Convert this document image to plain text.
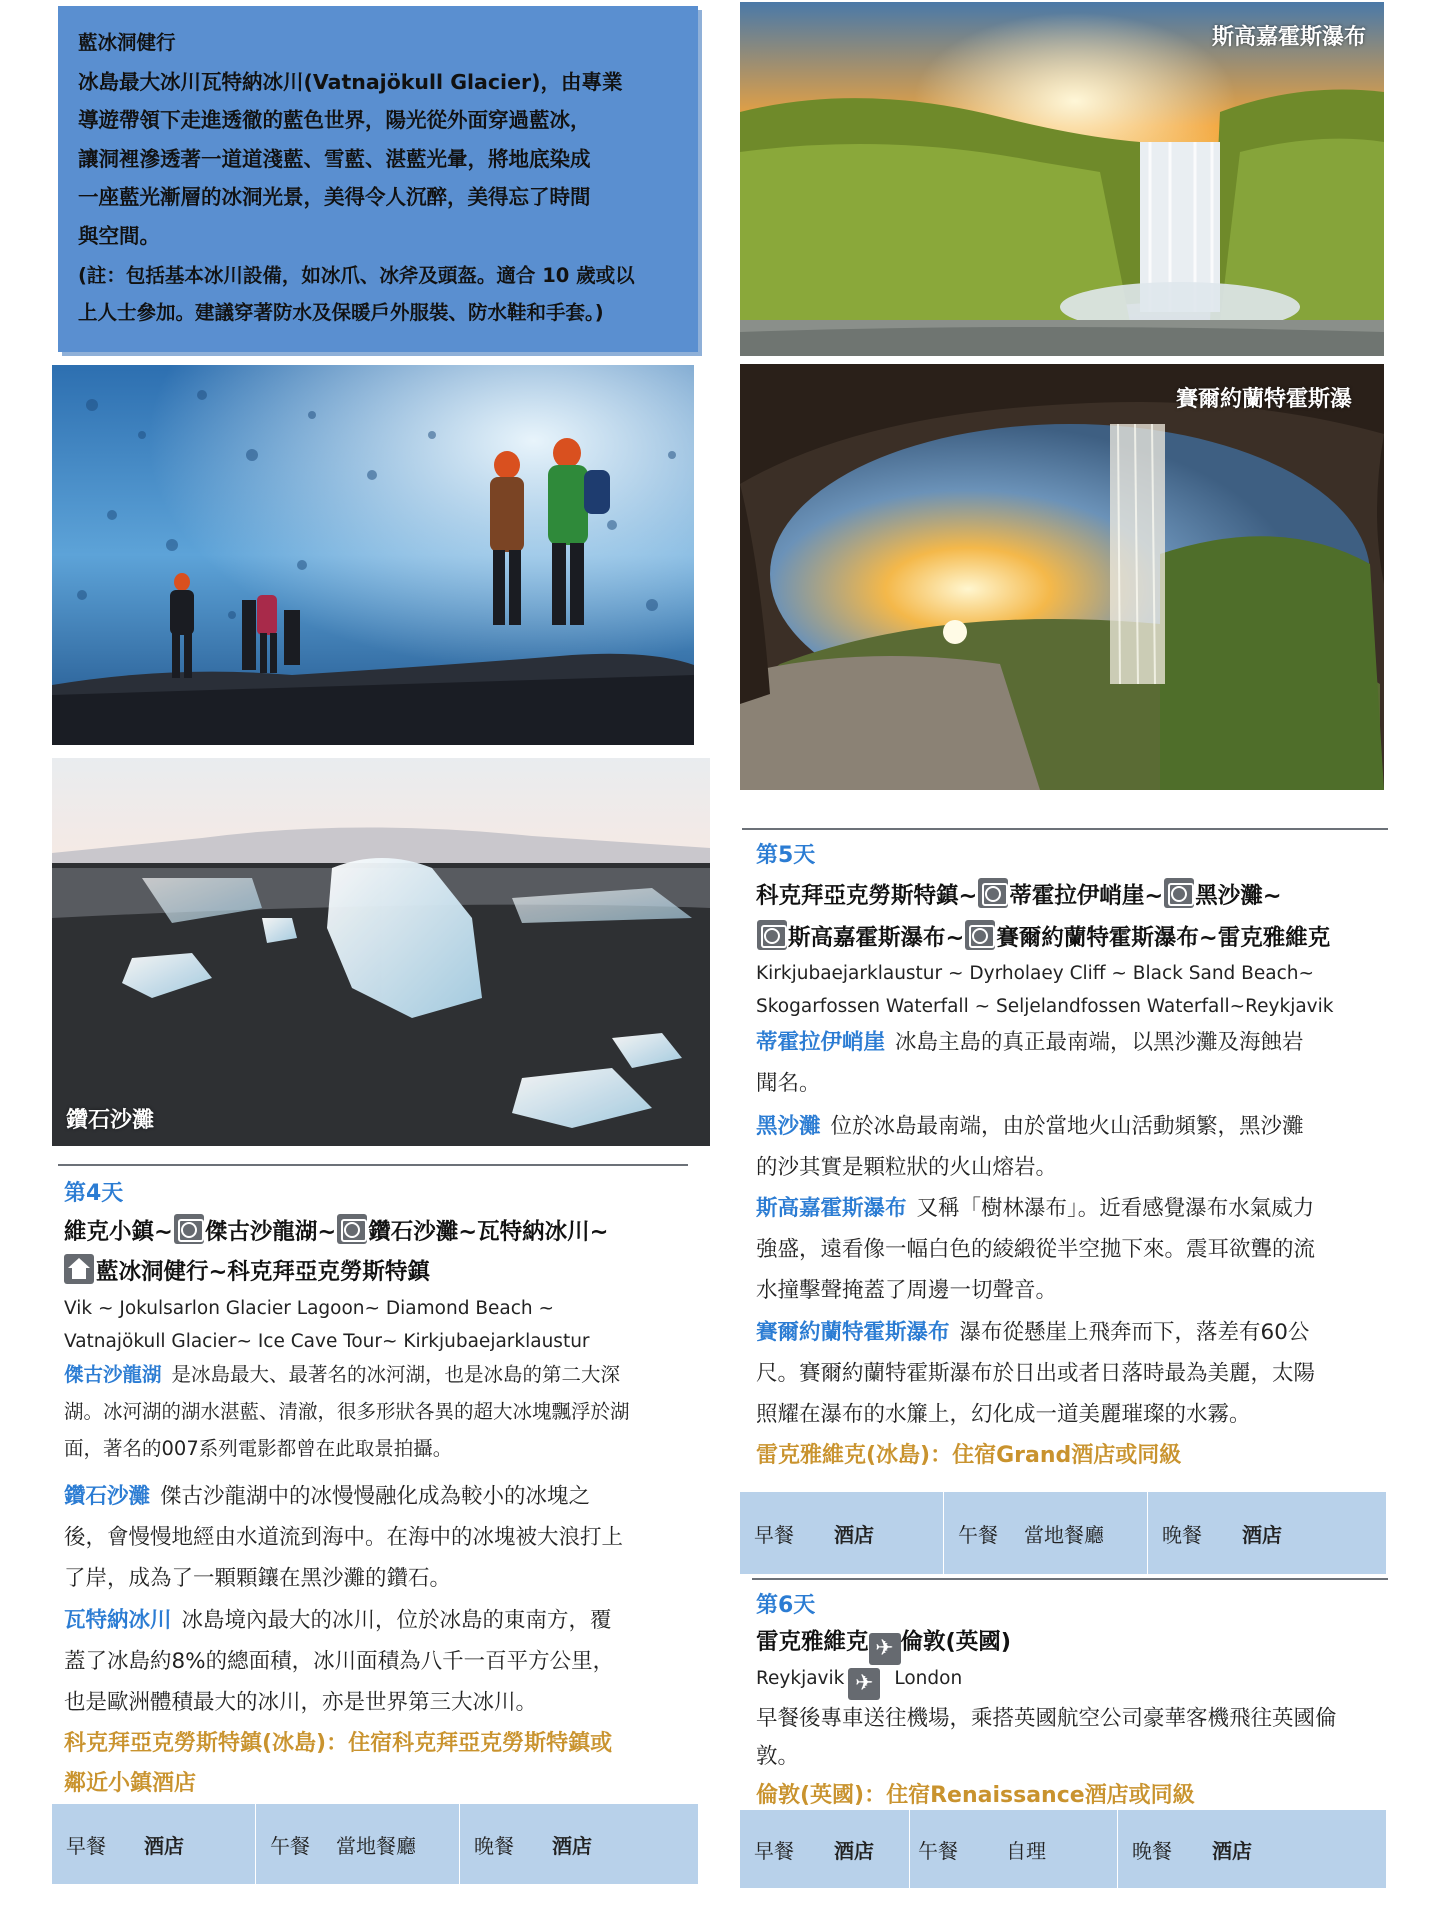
藍冰洞健行
冰島最大冰川瓦特納冰川(Vatnajökull Glacier)，由專業
導遊帶領下走進透徹的藍色世界，陽光從外面穿過藍冰，
讓洞裡滲透著一道道淺藍、雪藍、湛藍光暈，將地底染成
一座藍光漸層的冰洞光景，美得令人沉醉，美得忘了時間
與空間。
(註：包括基本冰川設備，如冰爪、冰斧及頭盔。適合 10 歲或以
上人士參加。建議穿著防水及保暖戶外服裝、防水鞋和手套。)
鑽石沙灘
斯高嘉霍斯瀑布
賽爾約蘭特霍斯瀑
第4天
維克小鎮~ 傑古沙龍湖~ 鑽石沙灘~瓦特納冰川~
藍冰洞健行~科克拜亞克勞斯特鎮
Vik ~ Jokulsarlon Glacier Lagoon~ Diamond Beach ~
Vatnajökull Glacier~ Ice Cave Tour~ Kirkjubaejarklaustur
傑古沙龍湖 是冰島最大、最著名的冰河湖，也是冰島的第二大深
湖。冰河湖的湖水湛藍、清澈，很多形狀各異的超大冰塊飄浮於湖
面，著名的007系列電影都曾在此取景拍攝。
鑽石沙灘 傑古沙龍湖中的冰慢慢融化成為較小的冰塊之
後，會慢慢地經由水道流到海中。在海中的冰塊被大浪打上
了岸，成為了一顆顆鑲在黑沙灘的鑽石。
瓦特納冰川 冰島境內最大的冰川，位於冰島的東南方，覆
蓋了冰島約8%的總面積，冰川面積為八千一百平方公里，
也是歐洲體積最大的冰川，亦是世界第三大冰川。
科克拜亞克勞斯特鎮(冰島)：住宿科克拜亞克勞斯特鎮或
鄰近小鎮酒店
早餐 酒店	午餐 當地餐廳	晚餐 酒店
第5天
科克拜亞克勞斯特鎮~ 蒂霍拉伊峭崖~ 黑沙灘~
斯高嘉霍斯瀑布~ 賽爾約蘭特霍斯瀑布~雷克雅維克
Kirkjubaejarklaustur ~ Dyrholaey Cliff ~ Black Sand Beach~
Skogarfossen Waterfall ~ Seljelandfossen Waterfall~Reykjavik
蒂霍拉伊峭崖 冰島主島的真正最南端，以黑沙灘及海蝕岩
聞名。
黑沙灘 位於冰島最南端，由於當地火山活動頻繁，黑沙灘
的沙其實是顆粒狀的火山熔岩。
斯高嘉霍斯瀑布 又稱「樹林瀑布」。近看感覺瀑布水氣威力
強盛，遠看像一幅白色的綾緞從半空拋下來。震耳欲聾的流
水撞擊聲掩蓋了周邊一切聲音。
賽爾約蘭特霍斯瀑布 瀑布從懸崖上飛奔而下，落差有60公
尺。賽爾約蘭特霍斯瀑布於日出或者日落時最為美麗，太陽
照耀在瀑布的水簾上，幻化成一道美麗璀璨的水霧。
雷克雅維克(冰島)：住宿Grand酒店或同級
早餐 酒店	午餐 當地餐廳	晚餐 酒店
第6天
雷克雅維克 ✈ 倫敦(英國)
Reykjavik ✈ London
早餐後專車送往機場，乘搭英國航空公司豪華客機飛往英國倫
敦。
倫敦(英國)：住宿Renaissance酒店或同級
早餐 酒店 午餐 自理	晚餐 酒店
